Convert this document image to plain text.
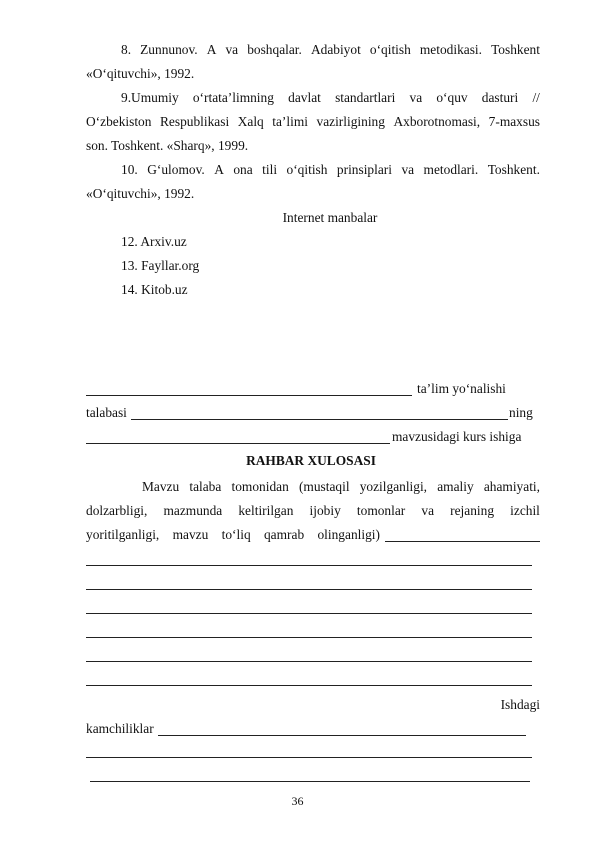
8. Zunnunov. A va boshqalar. Adabiyot o‘qitish metodikasi. Toshkent
«O‘qituvchi», 1992.
9.Umumiy o‘rtata’limning davlat standartlari va o‘quv dasturi //
O‘zbekiston Respublikasi Xalq ta’limi vazirligining Axborotnomasi, 7-maxsus
son. Toshkent. «Sharq», 1999.
10. G‘ulomov. A ona tili o‘qitish prinsiplari va metodlari. Toshkent.
«O‘qituvchi», 1992.
Internet manbalar
12. Arxiv.uz
13. Fayllar.org
14. Kitob.uz
ta’lim yo‘nalishi
talabasi	ning
mavzusidagi kurs ishiga
RAHBAR XULOSASI
Mavzu talaba tomonidan (mustaqil yozilganligi, amaliy ahamiyati,
dolzarbligi, mazmunda keltirilgan ijobiy tomonlar va rejaning izchil
yoritilganligi, mavzu to‘liq qamrab olinganligi)
Ishdagi
kamchiliklar
36
